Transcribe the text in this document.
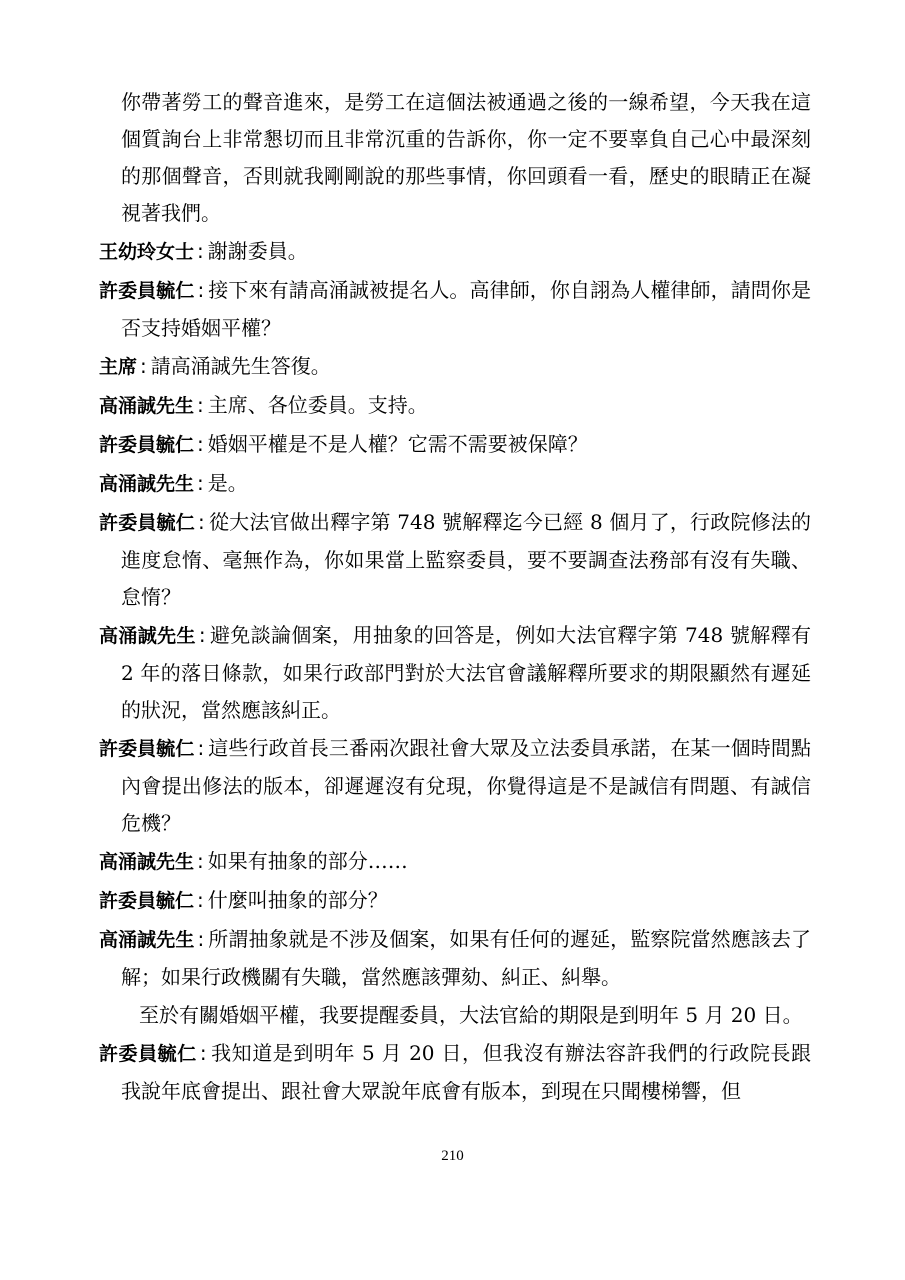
你帶著勞工的聲音進來，是勞工在這個法被通過之後的一線希望，今天我在這個質詢台上非常懇切而且非常沉重的告訴你，你一定不要辜負自己心中最深刻的那個聲音，否則就我剛剛說的那些事情，你回頭看一看，歷史的眼睛正在凝視著我們。

王幼玲女士 : 謝謝委員。

許委員毓仁 : 接下來有請高涌誠被提名人。高律師，你自詡為人權律師，請問你是否支持婚姻平權？

主席 : 請高涌誠先生答復。

高涌誠先生 : 主席、各位委員。支持。

許委員毓仁 : 婚姻平權是不是人權？它需不需要被保障？

高涌誠先生 : 是。

許委員毓仁 : 從大法官做出釋字第 748 號解釋迄今已經 8 個月了，行政院修法的進度怠惰、毫無作為，你如果當上監察委員，要不要調查法務部有沒有失職、怠惰？

高涌誠先生 : 避免談論個案，用抽象的回答是，例如大法官釋字第 748 號解釋有 2 年的落日條款，如果行政部門對於大法官會議解釋所要求的期限顯然有遲延的狀況，當然應該糾正。

許委員毓仁 : 這些行政首長三番兩次跟社會大眾及立法委員承諾，在某一個時間點內會提出修法的版本，卻遲遲沒有兌現，你覺得這是不是誠信有問題、有誠信危機？

高涌誠先生 : 如果有抽象的部分……

許委員毓仁 : 什麼叫抽象的部分？

高涌誠先生 : 所謂抽象就是不涉及個案，如果有任何的遲延，監察院當然應該去了解；如果行政機關有失職，當然應該彈劾、糾正、糾舉。

至於有關婚姻平權，我要提醒委員，大法官給的期限是到明年 5 月 20 日。

許委員毓仁 : 我知道是到明年 5 月 20 日，但我沒有辦法容許我們的行政院長跟我說年底會提出、跟社會大眾說年底會有版本，到現在只聞樓梯響，但

210
